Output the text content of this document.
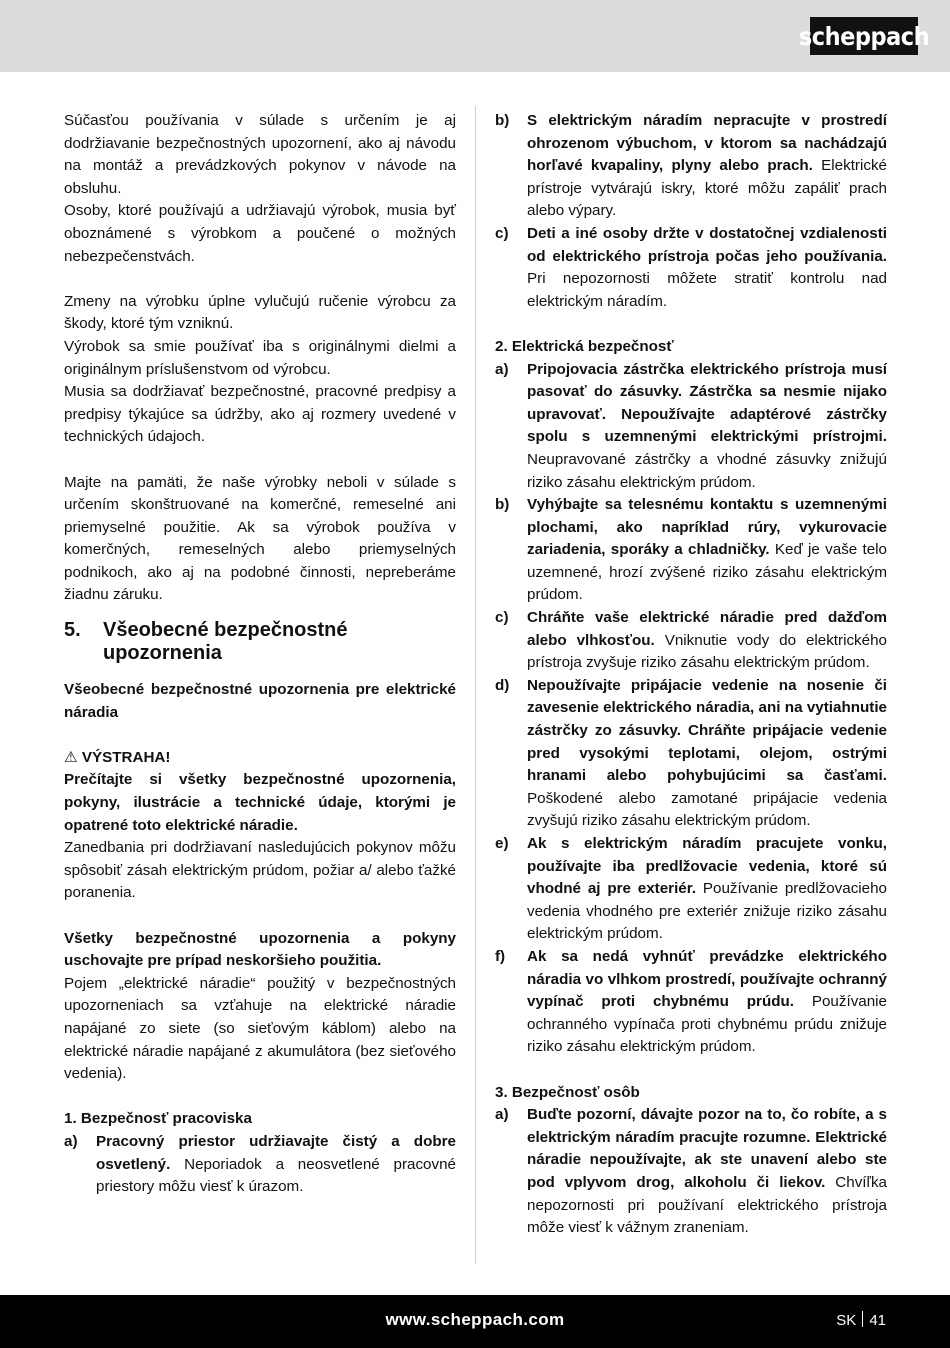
scheppach
Súčasťou používania v súlade s určením je aj dodržiavanie bezpečnostných upozornení, ako aj návodu na montáž a prevádzkových pokynov v návode na obsluhu.
Osoby, ktoré používajú a udržiavajú výrobok, musia byť oboznámené s výrobkom a poučené o možných nebezpečenstvách.
Zmeny na výrobku úplne vylučujú ručenie výrobcu za škody, ktoré tým vzniknú.
Výrobok sa smie používať iba s originálnymi dielmi a originálnym príslušenstvom od výrobcu.
Musia sa dodržiavať bezpečnostné, pracovné predpisy a predpisy týkajúce sa údržby, ako aj rozmery uvedené v technických údajoch.
Majte na pamäti, že naše výrobky neboli v súlade s určením skonštruované na komerčné, remeselné ani priemyselné použitie. Ak sa výrobok používa v komerčných, remeselných alebo priemyselných podnikoch, ako aj na podobné činnosti, nepreberáme žiadnu záruku.
5.	Všeobecné bezpečnostné upozornenia
Všeobecné bezpečnostné upozornenia pre elektrické náradia
⚠ VÝSTRAHA!
Prečítajte si všetky bezpečnostné upozornenia, pokyny, ilustrácie a technické údaje, ktorými je opatrené toto elektrické náradie.
Zanedbania pri dodržiavaní nasledujúcich pokynov môžu spôsobiť zásah elektrickým prúdom, požiar a/ alebo ťažké poranenia.
Všetky bezpečnostné upozornenia a pokyny uschovajte pre prípad neskoršieho použitia.
Pojem „elektrické náradie“ použitý v bezpečnostných upozorneniach sa vzťahuje na elektrické náradie napájané zo siete (so sieťovým káblom) alebo na elektrické náradie napájané z akumulátora (bez sieťového vedenia).
1. Bezpečnosť pracoviska
a)	Pracovný priestor udržiavajte čistý a dobre osvetlený. Neporiadok a neosvetlené pracovné priestory môžu viesť k úrazom.
b)	S elektrickým náradím nepracujte v prostredí ohrozenom výbuchom, v ktorom sa nachádzajú horľavé kvapaliny, plyny alebo prach. Elektrické prístroje vytvárajú iskry, ktoré môžu zapáliť prach alebo výpary.
c)	Deti a iné osoby držte v dostatočnej vzdialenosti od elektrického prístroja počas jeho používania. Pri nepozornosti môžete stratiť kontrolu nad elektrickým náradím.
2. Elektrická bezpečnosť
a)	Pripojovacia zástrčka elektrického prístroja musí pasovať do zásuvky. Zástrčka sa nesmie nijako upravovať. Nepoužívajte adaptérové zástrčky spolu s uzemnenými elektrickými prístrojmi. Neupravované zástrčky a vhodné zásuvky znižujú riziko zásahu elektrickým prúdom.
b)	Vyhýbajte sa telesnému kontaktu s uzemnenými plochami, ako napríklad rúry, vykurovacie zariadenia, sporáky a chladničky. Keď je vaše telo uzemnené, hrozí zvýšené riziko zásahu elektrickým prúdom.
c)	Chráňte vaše elektrické náradie pred dažďom alebo vlhkosťou. Vniknutie vody do elektrického prístroja zvyšuje riziko zásahu elektrickým prúdom.
d)	Nepoužívajte pripájacie vedenie na nosenie či zavesenie elektrického náradia, ani na vytiahnutie zástrčky zo zásuvky. Chráňte pripájacie vedenie pred vysokými teplotami, olejom, ostrými hranami alebo pohybujúcimi sa časťami. Poškodené alebo zamotané pripájacie vedenia zvyšujú riziko zásahu elektrickým prúdom.
e)	Ak s elektrickým náradím pracujete vonku, používajte iba predlžovacie vedenia, ktoré sú vhodné aj pre exteriér. Používanie predlžovacieho vedenia vhodného pre exteriér znižuje riziko zásahu elektrickým prúdom.
f)	Ak sa nedá vyhnúť prevádzke elektrického náradia vo vlhkom prostredí, používajte ochranný vypínač proti chybnému prúdu. Používanie ochranného vypínača proti chybnému prúdu znižuje riziko zásahu elektrickým prúdom.
3. Bezpečnosť osôb
a)	Buďte pozorní, dávajte pozor na to, čo robíte, a s elektrickým náradím pracujte rozumne. Elektrické náradie nepoužívajte, ak ste unavení alebo ste pod vplyvom drog, alkoholu či liekov. Chvíľka nepozornosti pri používaní elektrického prístroja môže viesť k vážnym zraneniam.
www.scheppach.com	SK 41
